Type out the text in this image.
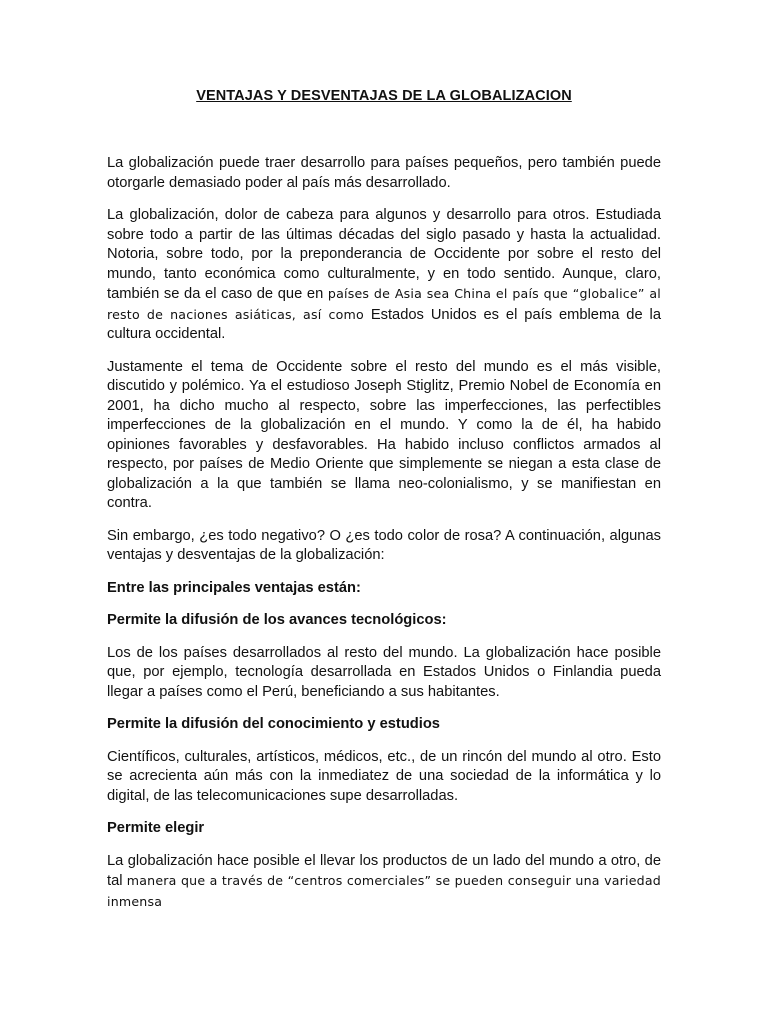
VENTAJAS Y DESVENTAJAS DE LA GLOBALIZACION

La globalización puede traer desarrollo para países pequeños, pero también puede otorgarle demasiado poder al país más desarrollado.

La globalización, dolor de cabeza para algunos y desarrollo para otros. Estudiada sobre todo a partir de las últimas décadas del siglo pasado y hasta la actualidad. Notoria, sobre todo, por la preponderancia de Occidente por sobre el resto del mundo, tanto económica como culturalmente, y en todo sentido. Aunque, claro, también se da el caso de que en países de Asia sea China el país que “globalice” al resto de naciones asiáticas, así como Estados Unidos es el país emblema de la cultura occidental.

Justamente el tema de Occidente sobre el resto del mundo es el más visible, discutido y polémico. Ya el estudioso Joseph Stiglitz, Premio Nobel de Economía en 2001, ha dicho mucho al respecto, sobre las imperfecciones, las perfectibles imperfecciones de la globalización en el mundo. Y como la de él, ha habido opiniones favorables y desfavorables. Ha habido incluso conflictos armados al respecto, por países de Medio Oriente que simplemente se niegan a esta clase de globalización a la que también se llama neo-colonialismo, y se manifiestan en contra.

Sin embargo, ¿es todo negativo? O ¿es todo color de rosa? A continuación, algunas ventajas y desventajas de la globalización:

Entre las principales ventajas están:

Permite la difusión de los avances tecnológicos:

Los de los países desarrollados al resto del mundo. La globalización hace posible que, por ejemplo, tecnología desarrollada en Estados Unidos o Finlandia pueda llegar a países como el Perú, beneficiando a sus habitantes.

Permite la difusión del conocimiento y estudios

Científicos, culturales, artísticos, médicos, etc., de un rincón del mundo al otro. Esto se acrecienta aún más con la inmediatez de una sociedad de la informática y lo digital, de las telecomunicaciones supe desarrolladas.

Permite elegir

La globalización hace posible el llevar los productos de un lado del mundo a otro, de tal manera que a través de “centros comerciales” se pueden conseguir una variedad inmensa
